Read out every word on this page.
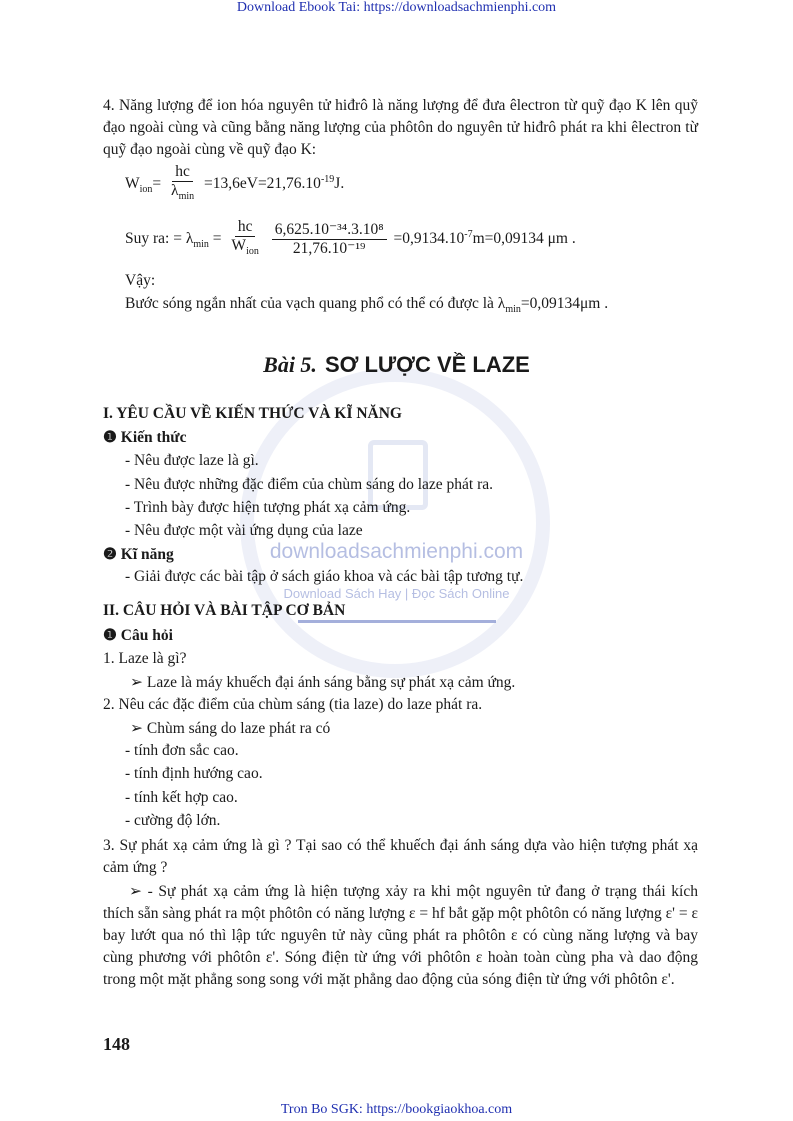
downloadsachmienphi.com
Download Sách Hay | Đọc Sách Online
Download Ebook Tai: https://downloadsachmienphi.com
4. Năng lượng để ion hóa nguyên tử hiđrô là năng lượng để đưa êlectron từ quỹ đạo K lên quỹ đạo ngoài cùng và cũng bằng năng lượng của phôtôn do nguyên tử hiđrô phát ra khi êlectron từ quỹ đạo ngoài cùng về quỹ đạo K:
$W_{ion}= \frac{hc}{\lambda_{min}} =13,6eV=21,76.10^{-19}J$.
Suy ra: = $\lambda_{min} = \frac{hc}{W_{ion}}$
$\frac{\text{6,625.10⁻³⁴.3.10⁸}}{\text{21,76.10⁻¹⁹}} =0,9134.10^{-7}m=0,09134$ μm .
Vậy:
Bước sóng ngắn nhất của vạch quang phổ có thể có được là $\lambda_{min}=0,09134\mu m$ .
Bài 5. SƠ LƯỢC VỀ LAZE
I. YÊU CẦU VỀ KIẾN THỨC VÀ KĨ NĂNG
❶ Kiến thức
- Nêu được laze là gì.
- Nêu được những đặc điểm của chùm sáng do laze phát ra.
- Trình bày được hiện tượng phát xạ cảm ứng.
- Nêu được một vài ứng dụng của laze
❷ Kĩ năng
- Giải được các bài tập ở sách giáo khoa và các bài tập tương tự.
II. CÂU HỎI VÀ BÀI TẬP CƠ BẢN
❶ Câu hỏi
1. Laze là gì?
➢ Laze là máy khuếch đại ánh sáng bằng sự phát xạ cảm ứng.
2. Nêu các đặc điểm của chùm sáng (tia laze) do laze phát ra.
➢ Chùm sáng do laze phát ra có
- tính đơn sắc cao.
- tính định hướng cao.
- tính kết hợp cao.
- cường độ lớn.
3. Sự phát xạ cảm ứng là gì ? Tại sao có thể khuếch đại ánh sáng dựa vào hiện tượng phát xạ cảm ứng ?
➢ - Sự phát xạ cảm ứng là hiện tượng xảy ra khi một nguyên tử đang ở trạng thái kích thích sẵn sàng phát ra một phôtôn có năng lượng ε = hf bắt gặp một phôtôn có năng lượng ε' = ε bay lướt qua nó thì lập tức nguyên tử này cũng phát ra phôtôn ε có cùng năng lượng và bay cùng phương với phôtôn ε'. Sóng điện từ ứng với phôtôn ε hoàn toàn cùng pha và dao động trong một mặt phẳng song song với mặt phẳng dao động của sóng điện từ ứng với phôtôn ε'.
148
Tron Bo SGK: https://bookgiaokhoa.com
